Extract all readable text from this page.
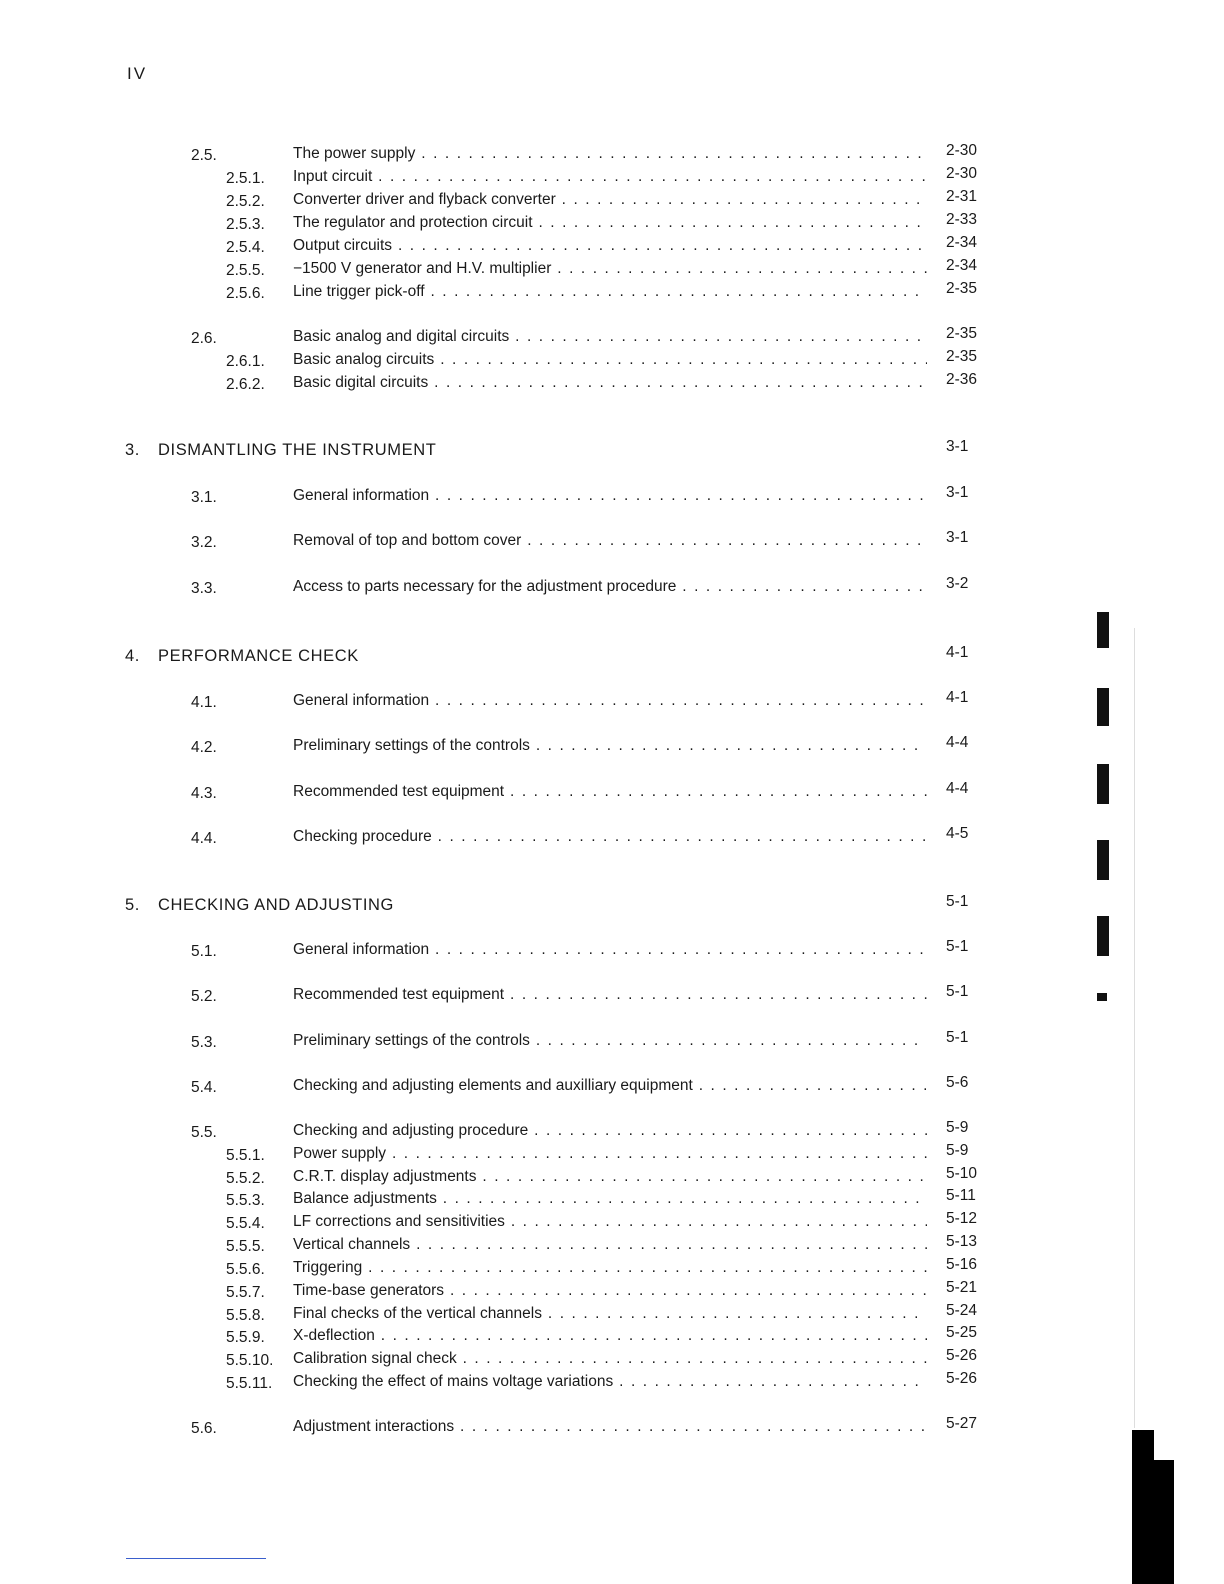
IV
2.5.	The power supply . . .	2-30
2.5.1. Input circuit . . .	2-30
2.5.2. Converter driver and flyback converter . . .	2-31
2.5.3. The regulator and protection circuit . . .	2-33
2.5.4. Output circuits . . .	2-34
2.5.5. −1500 V generator and H.V. multiplier . . .	2-34
2.5.6. Line trigger pick-off . . .	2-35
2.6.	Basic analog and digital circuits . . .	2-35
2.6.1. Basic analog circuits . . .	2-35
2.6.2. Basic digital circuits . . .	2-36
3. DISMANTLING THE INSTRUMENT	3-1
3.1.	General information . . .	3-1
3.2.	Removal of top and bottom cover . . .	3-1
3.3.	Access to parts necessary for the adjustment procedure . . .	3-2
4. PERFORMANCE CHECK	4-1
4.1.	General information . . .	4-1
4.2.	Preliminary settings of the controls . . .	4-4
4.3.	Recommended test equipment . . .	4-4
4.4.	Checking procedure . . .	4-5
5. CHECKING AND ADJUSTING	5-1
5.1.	General information . . .	5-1
5.2.	Recommended test equipment . . .	5-1
5.3.	Preliminary settings of the controls . . .	5-1
5.4.	Checking and adjusting elements and auxilliary equipment . . .	5-6
5.5.	Checking and adjusting procedure . . .	5-9
5.5.1. Power supply . . .	5-9
5.5.2. C.R.T. display adjustments . . .	5-10
5.5.3. Balance adjustments . . .	5-11
5.5.4. LF corrections and sensitivities . . .	5-12
5.5.5. Vertical channels . . .	5-13
5.5.6. Triggering . . .	5-16
5.5.7. Time-base generators . . .	5-21
5.5.8. Final checks of the vertical channels . . .	5-24
5.5.9. X-deflection . . .	5-25
5.5.10. Calibration signal check . . .	5-26
5.5.11. Checking the effect of mains voltage variations . . .	5-26
5.6.	Adjustment interactions . . .	5-27
